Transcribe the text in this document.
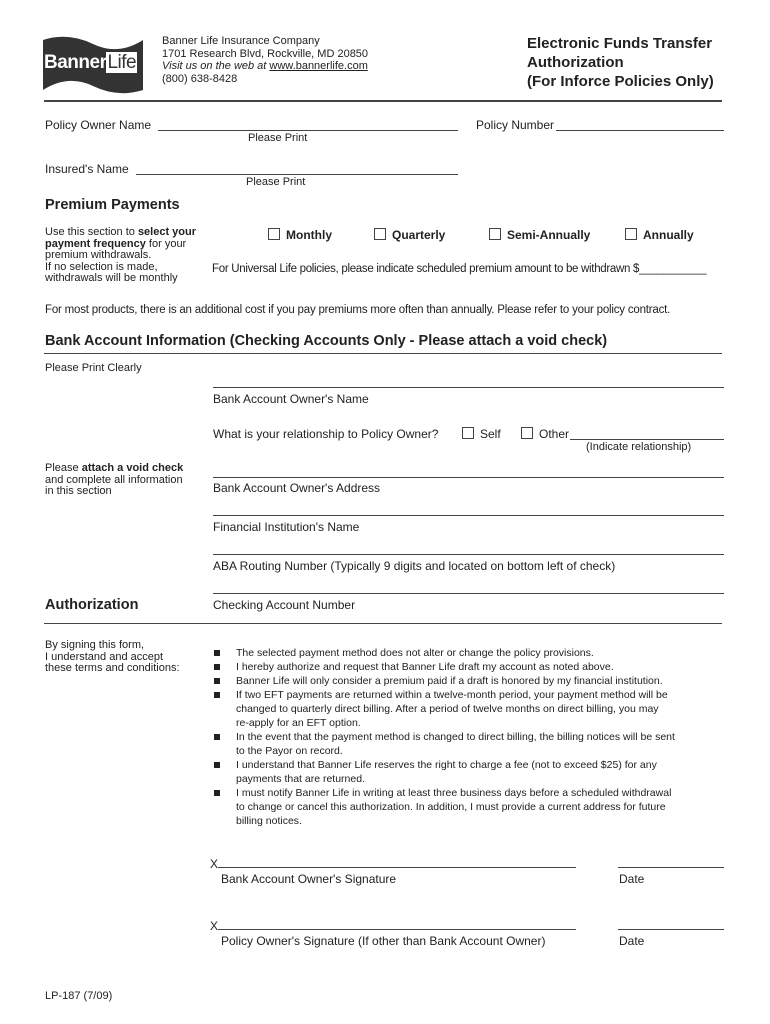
BannerLife
Banner Life Insurance Company
1701 Research Blvd, Rockville, MD 20850
Visit us on the web at www.bannerlife.com
(800) 638-8428
Electronic Funds Transfer
Authorization
(For Inforce Policies Only)
Policy Owner Name
Please Print
Policy Number
Insured's Name
Please Print
Premium Payments
Use this section to select your
payment frequency for your
premium withdrawals.
If no selection is made,
withdrawals will be monthly
Monthly	Quarterly	Semi-Annually	Annually
For Universal Life policies, please indicate scheduled premium amount to be withdrawn $___________
For most products, there is an additional cost if you pay premiums more often than annually. Please refer to your policy contract.
Bank Account Information (Checking Accounts Only - Please attach a void check)
Please Print Clearly
Bank Account Owner's Name
What is your relationship to Policy Owner?	Self	Other
(Indicate relationship)
Please attach a void check
and complete all information
in this section	Bank Account Owner's Address
Financial Institution's Name
ABA Routing Number (Typically 9 digits and located on bottom left of check)
Checking Account Number
Authorization
By signing this form,
I understand and accept
these terms and conditions:
The selected payment method does not alter or change the policy provisions.
I hereby authorize and request that Banner Life draft my account as noted above.
Banner Life will only consider a premium paid if a draft is honored by my financial institution.
If two EFT payments are returned within a twelve-month period, your payment method will be
changed to quarterly direct billing. After a period of twelve months on direct billing, you may
re-apply for an EFT option.
In the event that the payment method is changed to direct billing, the billing notices will be sent
to the Payor on record.
I understand that Banner Life reserves the right to charge a fee (not to exceed $25) for any
payments that are returned.
I must notify Banner Life in writing at least three business days before a scheduled withdrawal
to change or cancel this authorization. In addition, I must provide a current address for future
billing notices.
X
Bank Account Owner's Signature	Date
X
Policy Owner's Signature (If other than Bank Account Owner)	Date
LP-187 (7/09)
